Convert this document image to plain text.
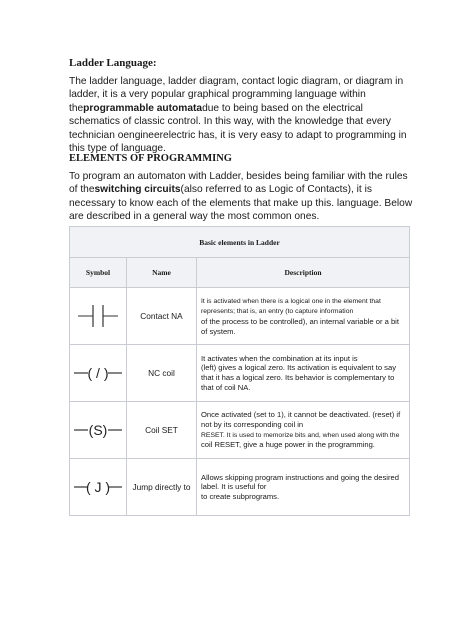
Ladder Language:

The ladder language, ladder diagram, contact logic diagram, or diagram in ladder, it is a very popular graphical programming language within theprogrammable automatadue to being based on the electrical schematics of classic control. In this way, with the knowledge that every technician oengineerelectric has, it is very easy to adapt to programming in this type of language.

ELEMENTS OF PROGRAMMING

To program an automaton with Ladder, besides being familiar with the rules of theswitching circuits(also referred to as Logic of Contacts), it is necessary to know each of the elements that make up this. language. Below are described in a general way the most common ones.

Basic elements in Ladder		
Symbol	Name	Description

	Contact NA	It is activated when there is a logical one in the element that represents; that is, an entry (to capture information
of the process to be controlled), an internal variable or a bit of system.

( / )	NC coil	It activates when the combination at its input is
(left) gives a logical zero. Its activation is equivalent to say that it has a logical zero. Its behavior is complementary to that of coil NA.

(S)	Coil SET	Once activated (set to 1), it cannot be deactivated. (reset) if not by its corresponding coil in
RESET. It is used to memorize bits and, when used along with the
coil RESET, give a huge power in the programming.

( J )	Jump directly to	Allows skipping program instructions and going the desired label. It is useful for
to create subprograms.
